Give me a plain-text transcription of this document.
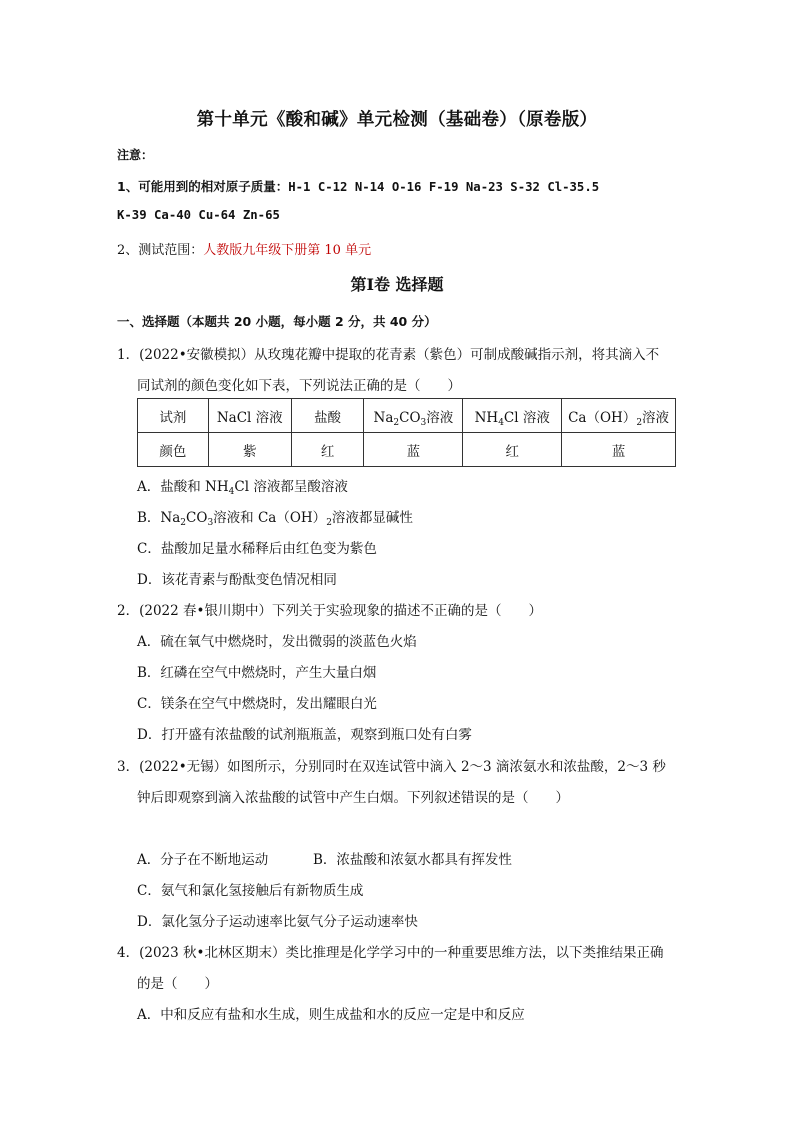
第十单元《酸和碱》单元检测（基础卷）（原卷版）
注意：
1、可能用到的相对原子质量：H-1 C-12 N-14 O-16 F-19 Na-23 S-32 Cl-35.5
K-39 Ca-40 Cu-64 Zn-65
2、测试范围：人教版九年级下册第 10 单元
第Ⅰ卷 选择题
一、选择题（本题共 20 小题，每小题 2 分，共 40 分）
1．(2022•安徽模拟）从玫瑰花瓣中提取的花青素（紫色）可制成酸碱指示剂，将其滴入不
同试剂的颜色变化如下表，下列说法正确的是（　　）
试剂	NaCl 溶液	盐酸	$Na_2CO_3$溶液	$NH_4Cl$ 溶液	$Ca(OH)_2$溶液
颜色	紫	红	蓝	红	蓝
A．盐酸和 $NH_4Cl$ 溶液都呈酸溶液
B．$Na_2CO_3$溶液和 $Ca(OH)_2$溶液都显碱性
C．盐酸加足量水稀释后由红色变为紫色
D．该花青素与酚酞变色情况相同
2．(2022 春•银川期中）下列关于实验现象的描述不正确的是（　　）
A．硫在氧气中燃烧时，发出微弱的淡蓝色火焰
B．红磷在空气中燃烧时，产生大量白烟
C．镁条在空气中燃烧时，发出耀眼白光
D．打开盛有浓盐酸的试剂瓶瓶盖，观察到瓶口处有白雾
3．(2022•无锡）如图所示，分别同时在双连试管中滴入 2～3 滴浓氨水和浓盐酸，2～3 秒
钟后即观察到滴入浓盐酸的试管中产生白烟。下列叙述错误的是（　　）
A．分子在不断地运动	B．浓盐酸和浓氨水都具有挥发性
C．氨气和氯化氢接触后有新物质生成
D．氯化氢分子运动速率比氨气分子运动速率快
4．(2023 秋•北林区期末）类比推理是化学学习中的一种重要思维方法，以下类推结果正确
的是（　　）
A．中和反应有盐和水生成，则生成盐和水的反应一定是中和反应
